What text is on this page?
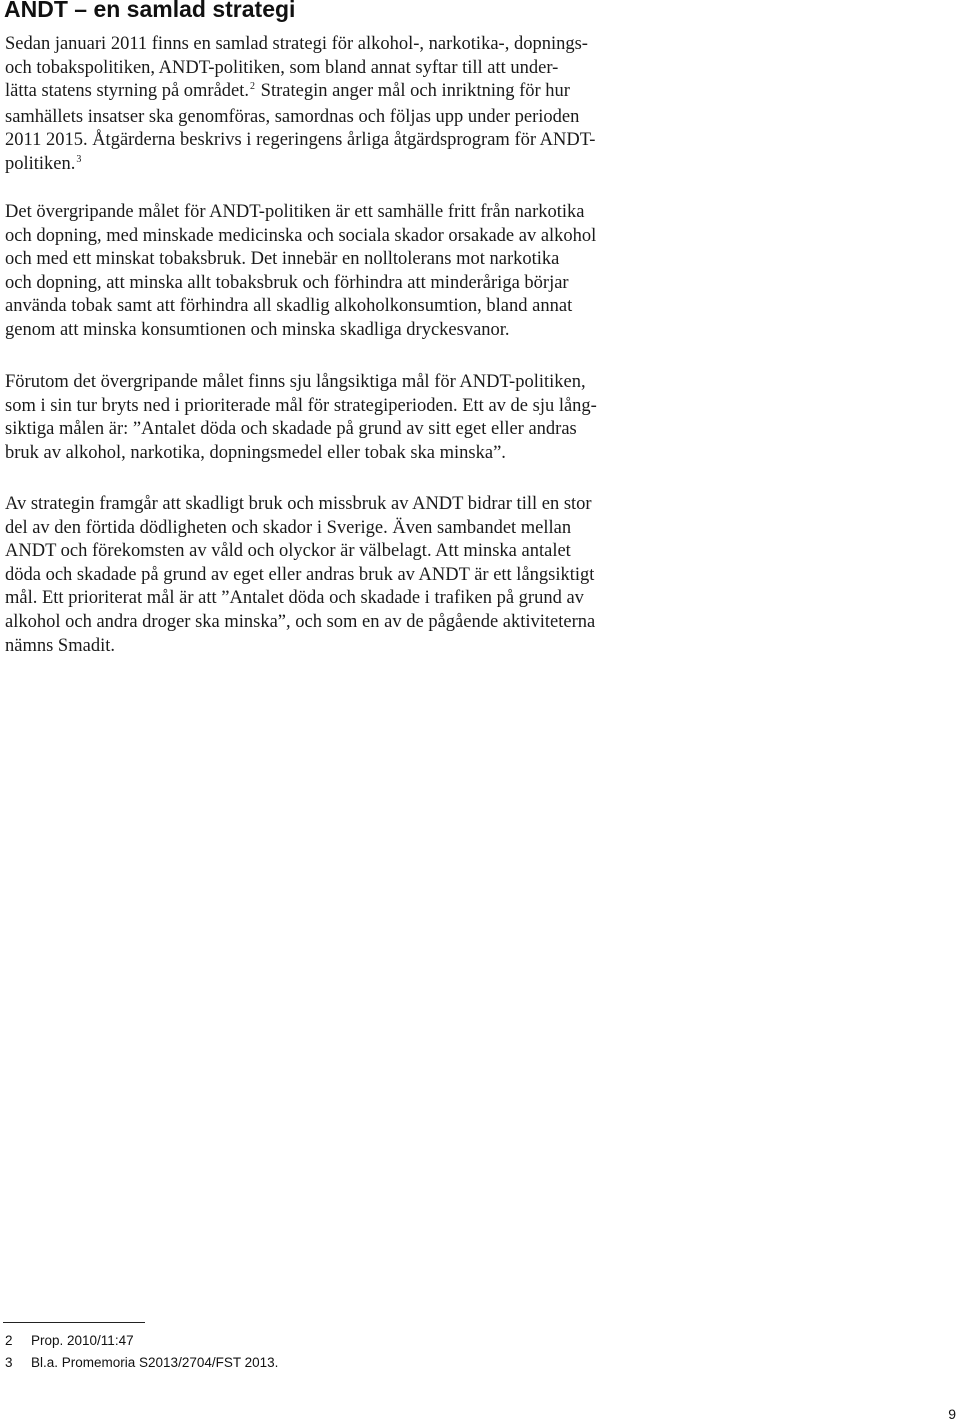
ANDT – en samlad strategi

Sedan januari 2011 finns en samlad strategi för alkohol-, narkotika-, dopnings-
och tobakspolitiken, ANDT-politiken, som bland annat syftar till att under-
lätta statens styrning på området.$^2$ Strategin anger mål och inriktning för hur
samhällets insatser ska genomföras, samordnas och följas upp under perioden
2011 2015. Åtgärderna beskrivs i regeringens årliga åtgärdsprogram för ANDT-
politiken.$^3$

Det övergripande målet för ANDT-politiken är ett samhälle fritt från narkotika
och dopning, med minskade medicinska och sociala skador orsakade av alkohol
och med ett minskat tobaksbruk. Det innebär en nolltolerans mot narkotika
och dopning, att minska allt tobaksbruk och förhindra att minderåriga börjar
använda tobak samt att förhindra all skadlig alkoholkonsumtion, bland annat
genom att minska konsumtionen och minska skadliga dryckesvanor.

Förutom det övergripande målet finns sju långsiktiga mål för ANDT-politiken,
som i sin tur bryts ned i prioriterade mål för strategiperioden. Ett av de sju lång-
siktiga målen är: ”Antalet döda och skadade på grund av sitt eget eller andras
bruk av alkohol, narkotika, dopningsmedel eller tobak ska minska”.

Av strategin framgår att skadligt bruk och missbruk av ANDT bidrar till en stor
del av den förtida dödligheten och skador i Sverige. Även sambandet mellan
ANDT och förekomsten av våld och olyckor är välbelagt. Att minska antalet
döda och skadade på grund av eget eller andras bruk av ANDT är ett långsiktigt
mål. Ett prioriterat mål är att ”Antalet döda och skadade i trafiken på grund av
alkohol och andra droger ska minska”, och som en av de pågående aktiviteterna
nämns Smadit.

2	Prop. 2010/11:47
3	Bl.a. Promemoria S2013/2704/FST 2013.
9
